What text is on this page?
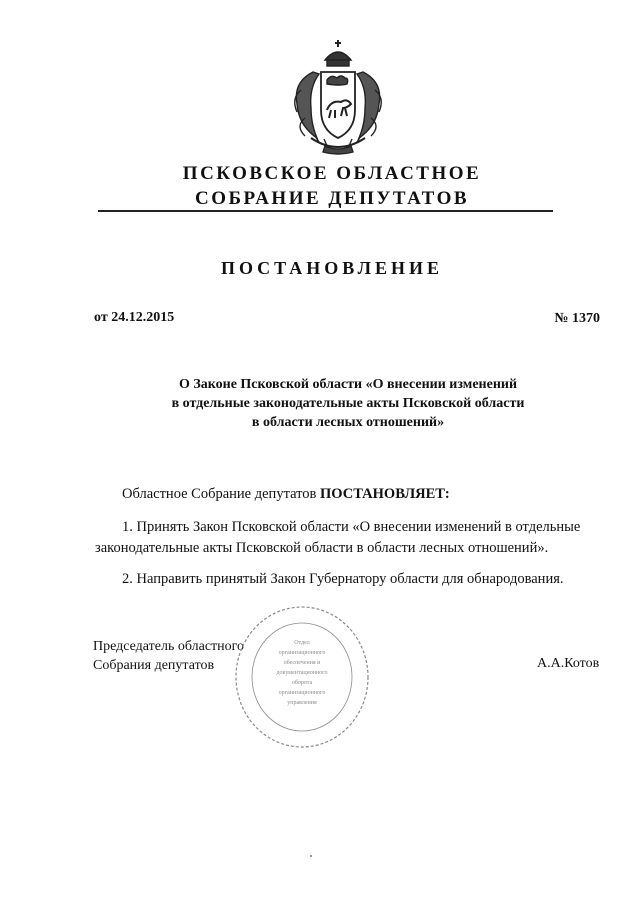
ПСКОВСКОЕ ОБЛАСТНОЕ
СОБРАНИЕ ДЕПУТАТОВ
ПОСТАНОВЛЕНИЕ
от 24.12.2015	№ 1370
О Законе Псковской области «О внесении изменений
в отдельные законодательные акты Псковской области
в области лесных отношений»
Областное Собрание депутатов ПОСТАНОВЛЯЕТ:
1. Принять Закон Псковской области «О внесении изменений в отдельные законодательные акты Псковской области в области лесных отношений».
2. Направить принятый Закон Губернатору области для обнародования.
Председатель областного
Собрания депутатов	А.А.Котов
Отдел
организационного
обеспечения и
документационного
оборота
организационного
управления
